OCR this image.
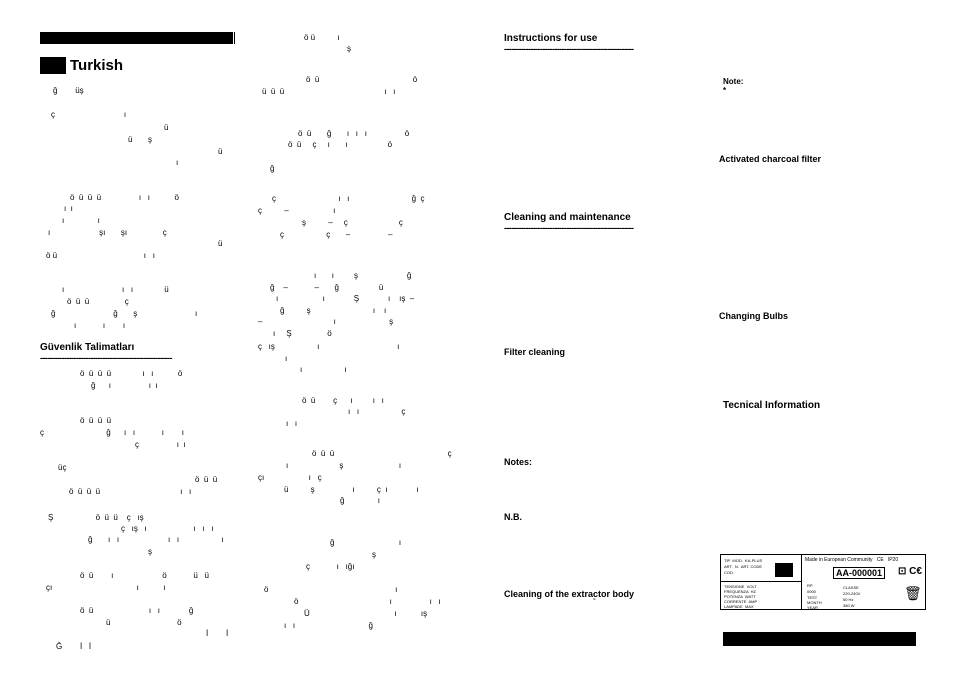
Turkish
ğ        üş
ç                               ı
ü
ü       ş
ü
ı
ö  ü  ü  ü                 ı   ı           ö
ı  ı
ı               ı
ı                      şı       şı                ç
ü
ö ü                                       ı   ı
ı                          ı   ı              ü
ö  ü  ü                ç
ğ                          ğ       ş                          ı
ı            ı        ı
Güvenlik Talimatları
-------------------------------------------------------
ö  ü  ü  ü              ı   ı           ö
ğ      ı                 ı  ı
ö  ü  ü  ü
ç                            ğ      ı   ı            ı        ı
ç                 ı  ı
üç
ö  ü  ü
ö  ü  ü  ü                                    ı   ı
Ş                   ö  ü  ü    ç   ış
ç   ış   ı                     ı   ı   ı
ğ       ı   ı                      ı   ı                   ı
ş
ö  ü        ı                      ö            ü   ü
çı                                      ı           ı
ö  ü                         ı   ı             ğ
ü                              ö
İ        İ
Ğ        İ   İ
ö ü          ı
ş
ö  ü                                          ö
ü  ü  ü                                             ı   ı
ö  ü       ğ       ı   ı   ı                 ö
ö  ü     ç     ı       ı                  ö
ğ
ç                            ı   ı                            ğ  ç
ç          –                    ı
ş          –     ç                       ç
ç                   ç       –                 –
ı       ı         ş                      ğ
ğ    –            –       ğ                  ü
ı                    ı             Ş             ı    ış  –
ğ          ş                            ı    ı
–                                ı                        ş
ı     Ş                ö
ç   ış                   ı                                   ı
ı
ı                   ı
ö  ü        ç      ı         ı   ı
ı   ı                   ç
ı   ı
ö  ü  ü                                                   ç
ı                       ş                         ı
çı                    ı   ç
ü          ş                 ı          ç  ı             ı
ğ               ı
ğ                             ı
ş
ç            ı   ığı
ö                                                         ı
ö                                         ı                 ı   ı
Ü                                      ı           ış
ı   ı                                 ğ
Instructions for use
------------------------------------------------------
Cleaning and maintenance
------------------------------------------------------
Filter cleaning
Notes:
N.B.
Cleaning of the extractor body
°
Note:
*
Activated charcoal filter
Changing Bulbs
Tecnical Information
Made in European Community   CE   IP20
AA-000001	⊡ C€
🗑
TIP  MOD.  KA-PLUS
ART.  N.  ART. CODE
COD.
TENSIONE  VOLT
FREQUENZA  HZ
POTENZA  WATT
CORRENTE  AMP
LAMPADE  MAX
RP.
0000
TEST
MONTH
YEAR
CLASSE
220-240V
50 Hz
380 W
